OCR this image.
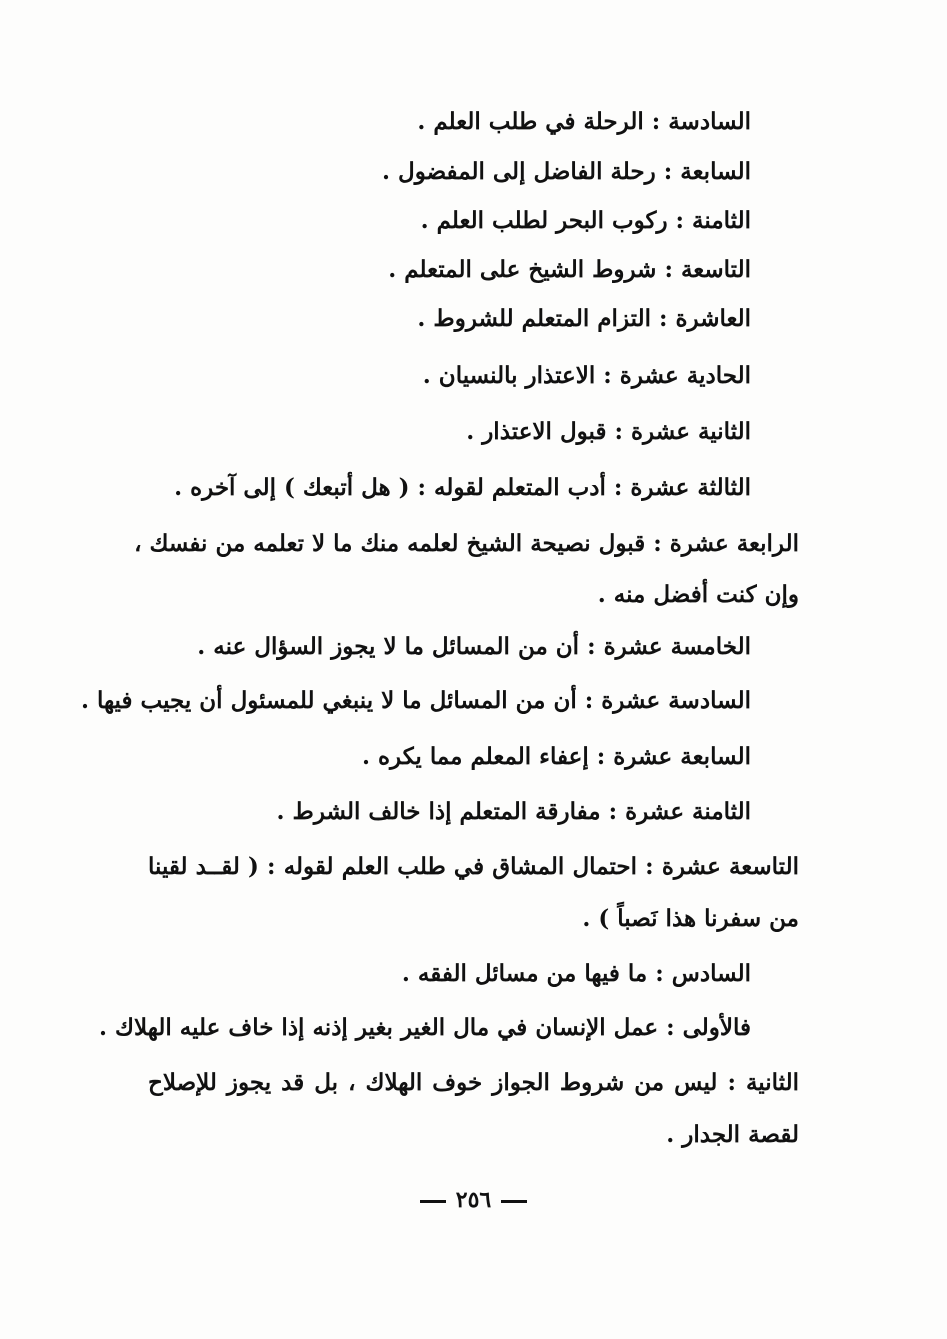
السادسة : الرحلة في طلب العلم .
السابعة : رحلة الفاضل إلى المفضول .
الثامنة : ركوب البحر لطلب العلم .
التاسعة : شروط الشيخ على المتعلم .
العاشرة : التزام المتعلم للشروط .
الحادية عشرة : الاعتذار بالنسيان .
الثانية عشرة : قبول الاعتذار .
الثالثة عشرة : أدب المتعلم لقوله : ( هل أتبعك ) إلى آخره .
الرابعة عشرة : قبول نصيحة الشيخ لعلمه منك ما لا تعلمه من نفسك ،
وإن كنت أفضل منه .
الخامسة عشرة : أن من المسائل ما لا يجوز السؤال عنه .
السادسة عشرة : أن من المسائل ما لا ينبغي للمسئول أن يجيب فيها .
السابعة عشرة : إعفاء المعلم مما يكره .
الثامنة عشرة : مفارقة المتعلم إذا خالف الشرط .
التاسعة عشرة : احتمال المشاق في طلب العلم لقوله : ( لقــد لقينا
من سفرنا هذا نَصباً ) .
السادس : ما فيها من مسائل الفقه .
فالأولى : عمل الإنسان في مال الغير بغير إذنه إذا خاف عليه الهلاك .
الثانية : ليس من شروط الجواز خوف الهلاك ، بل قد يجوز للإصلاح
لقصة الجدار .
٢٥٦
